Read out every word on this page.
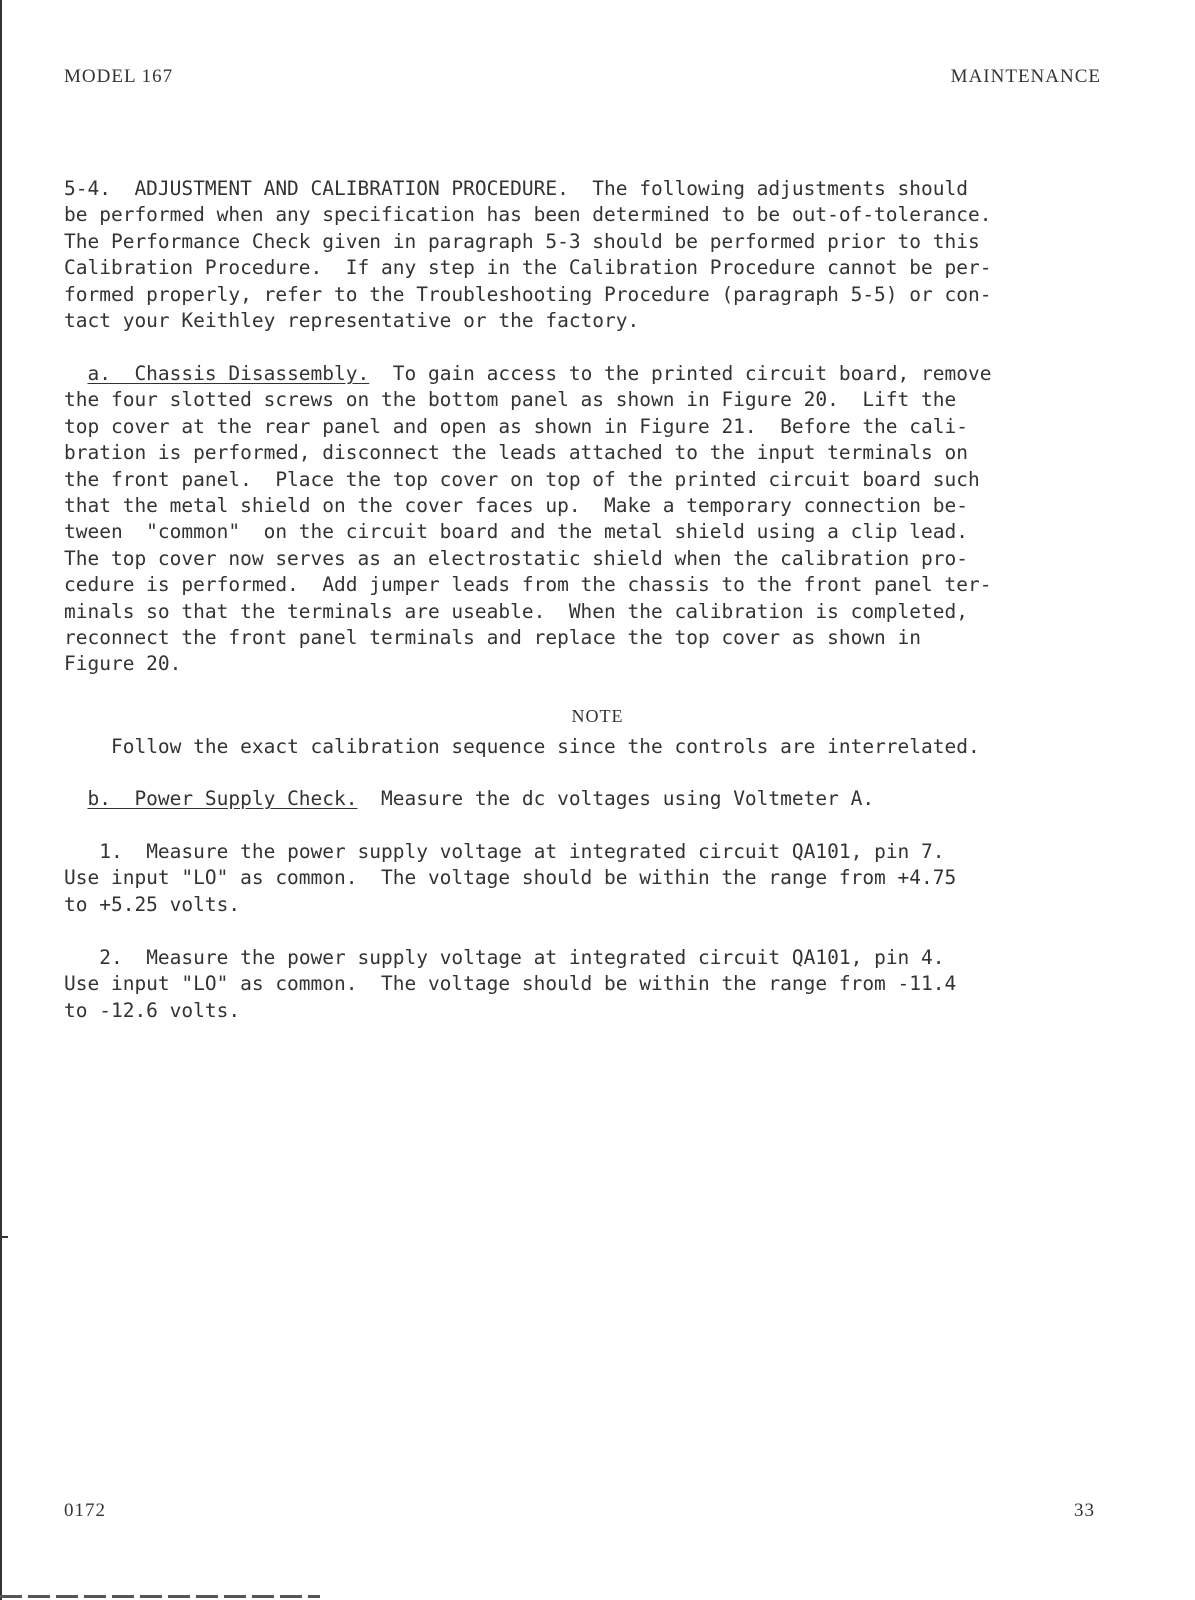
MODEL 167	MAINTENANCE
5-4.  ADJUSTMENT AND CALIBRATION PROCEDURE.  The following adjustments should
be performed when any specification has been determined to be out-of-tolerance.
The Performance Check given in paragraph 5-3 should be performed prior to this
Calibration Procedure.  If any step in the Calibration Procedure cannot be per-
formed properly, refer to the Troubleshooting Procedure (paragraph 5-5) or con-
tact your Keithley representative or the factory.
a.  Chassis Disassembly.  To gain access to the printed circuit board, remove
the four slotted screws on the bottom panel as shown in Figure 20.  Lift the
top cover at the rear panel and open as shown in Figure 21.  Before the cali-
bration is performed, disconnect the leads attached to the input terminals on
the front panel.  Place the top cover on top of the printed circuit board such
that the metal shield on the cover faces up.  Make a temporary connection be-
tween  "common"  on the circuit board and the metal shield using a clip lead.
The top cover now serves as an electrostatic shield when the calibration pro-
cedure is performed.  Add jumper leads from the chassis to the front panel ter-
minals so that the terminals are useable.  When the calibration is completed,
reconnect the front panel terminals and replace the top cover as shown in
Figure 20.
NOTE
Follow the exact calibration sequence since the controls are interrelated.
b.  Power Supply Check.  Measure the dc voltages using Voltmeter A.
1.  Measure the power supply voltage at integrated circuit QA101, pin 7.
Use input "LO" as common.  The voltage should be within the range from +4.75
to +5.25 volts.
2.  Measure the power supply voltage at integrated circuit QA101, pin 4.
Use input "LO" as common.  The voltage should be within the range from -11.4
to -12.6 volts.
0172	33
